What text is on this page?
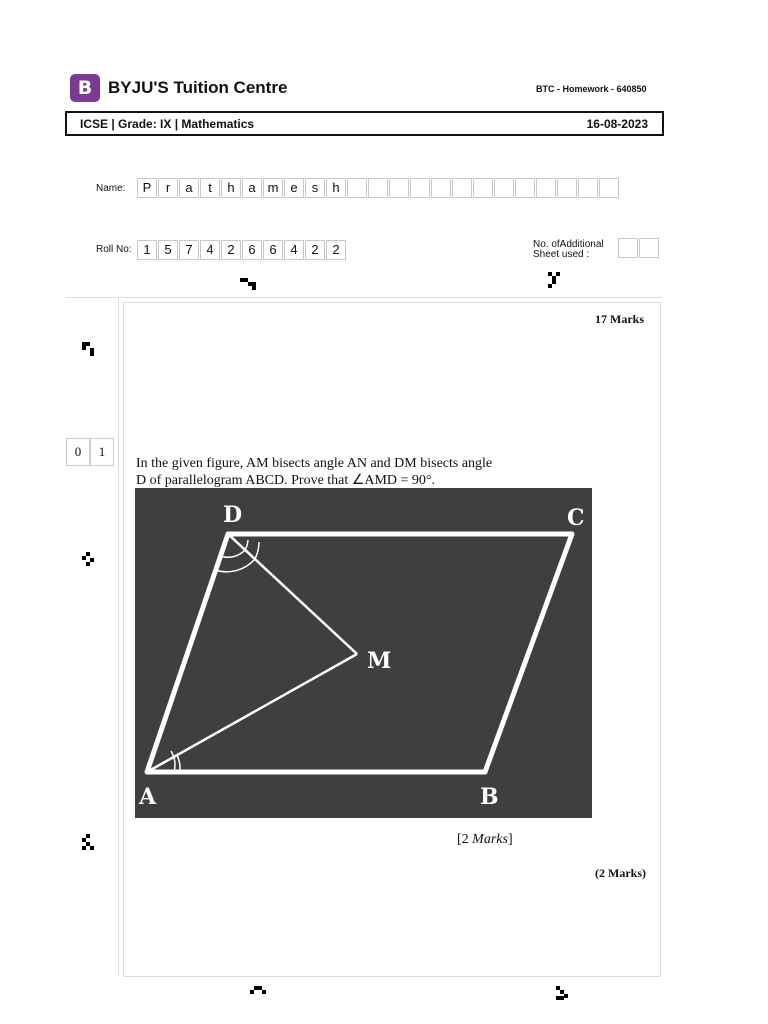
B BYJU'S Tuition Centre	BTC - Homework - 640850
ICSE | Grade: IX | Mathematics	16-08-2023
Name:	P	r	a	t	h	a m e	s	h
Roll No: 1	5	7	4	2	6	6	4	2	2	No. ofAdditional Sheet used :
17 Marks
0	1
In the given figure, AM bisects angle AN and DM bisects angle
D of parallelogram ABCD. Prove that ∠AMD = 90°.
D	C
M
A	B
[2 Marks]
(2 Marks)
